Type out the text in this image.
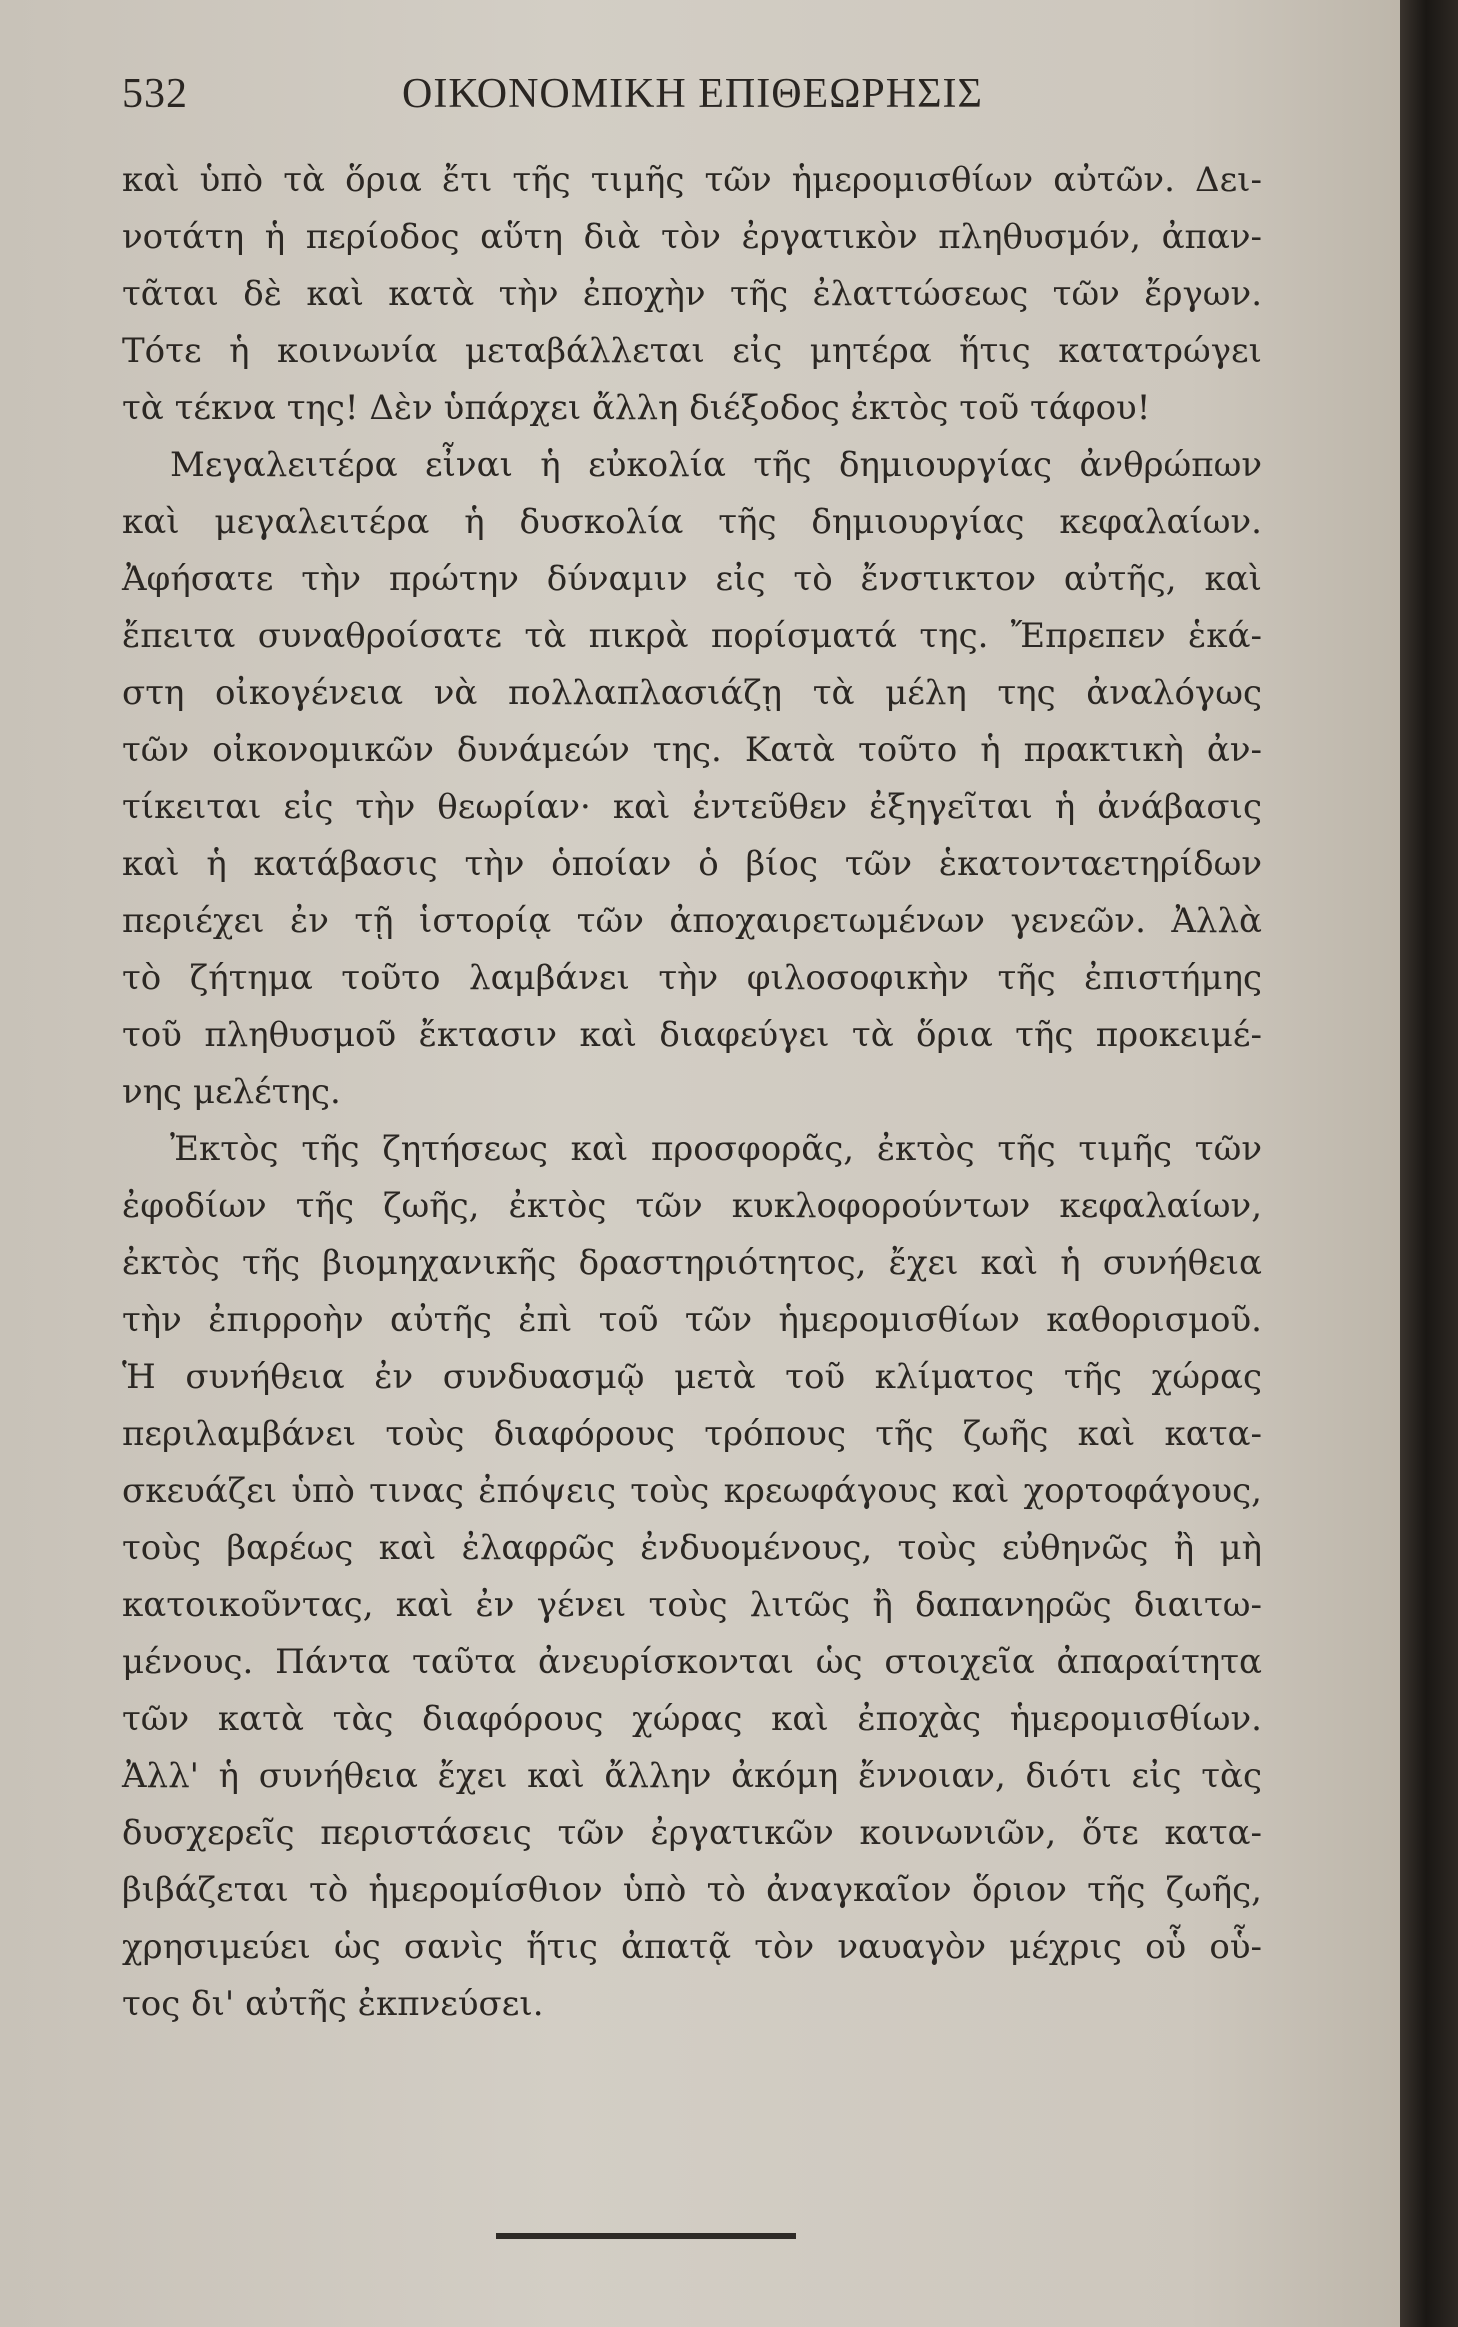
532	ΟΙΚΟΝΟΜΙΚΗ ΕΠΙΘΕΩΡΗΣΙΣ
καὶ ὑπὸ τὰ ὅρια ἔτι τῆς τιμῆς τῶν ἡμερομισθίων αὐτῶν. Δει-
νοτάτη ἡ περίοδος αὕτη διὰ τὸν ἐργατικὸν πληθυσμόν, ἀπαν-
τᾶται δὲ καὶ κατὰ τὴν ἐποχὴν τῆς ἐλαττώσεως τῶν ἔργων.
Τότε ἡ κοινωνία μεταβάλλεται εἰς μητέρα ἥτις κατατρώγει
τὰ τέκνα της! Δὲν ὑπάρχει ἄλλη διέξοδος ἐκτὸς τοῦ τάφου!
Μεγαλειτέρα εἶναι ἡ εὐκολία τῆς δημιουργίας ἀνθρώπων
καὶ μεγαλειτέρα ἡ δυσκολία τῆς δημιουργίας κεφαλαίων.
Ἀφήσατε τὴν πρώτην δύναμιν εἰς τὸ ἔνστικτον αὐτῆς, καὶ
ἔπειτα συναθροίσατε τὰ πικρὰ πορίσματά της. Ἔπρεπεν ἑκά-
στη οἰκογένεια νὰ πολλαπλασιάζῃ τὰ μέλη της ἀναλόγως
τῶν οἰκονομικῶν δυνάμεών της. Κατὰ τοῦτο ἡ πρακτικὴ ἀν-
τίκειται εἰς τὴν θεωρίαν· καὶ ἐντεῦθεν ἐξηγεῖται ἡ ἀνάβασις
καὶ ἡ κατάβασις τὴν ὁποίαν ὁ βίος τῶν ἑκατονταετηρίδων
περιέχει ἐν τῇ ἱστορίᾳ τῶν ἀποχαιρετωμένων γενεῶν. Ἀλλὰ
τὸ ζήτημα τοῦτο λαμβάνει τὴν φιλοσοφικὴν τῆς ἐπιστήμης
τοῦ πληθυσμοῦ ἔκτασιν καὶ διαφεύγει τὰ ὅρια τῆς προκειμέ-
νης μελέτης.
Ἐκτὸς τῆς ζητήσεως καὶ προσφορᾶς, ἐκτὸς τῆς τιμῆς τῶν
ἐφοδίων τῆς ζωῆς, ἐκτὸς τῶν κυκλοφορούντων κεφαλαίων,
ἐκτὸς τῆς βιομηχανικῆς δραστηριότητος, ἔχει καὶ ἡ συνήθεια
τὴν ἐπιρροὴν αὐτῆς ἐπὶ τοῦ τῶν ἡμερομισθίων καθορισμοῦ.
Ἡ συνήθεια ἐν συνδυασμῷ μετὰ τοῦ κλίματος τῆς χώρας
περιλαμβάνει τοὺς διαφόρους τρόπους τῆς ζωῆς καὶ κατα-
σκευάζει ὑπὸ τινας ἐπόψεις τοὺς κρεωφάγους καὶ χορτοφάγους,
τοὺς βαρέως καὶ ἐλαφρῶς ἐνδυομένους, τοὺς εὐθηνῶς ἢ μὴ
κατοικοῦντας, καὶ ἐν γένει τοὺς λιτῶς ἢ δαπανηρῶς διαιτω-
μένους. Πάντα ταῦτα ἀνευρίσκονται ὡς στοιχεῖα ἀπαραίτητα
τῶν κατὰ τὰς διαφόρους χώρας καὶ ἐποχὰς ἡμερομισθίων.
Ἀλλ' ἡ συνήθεια ἔχει καὶ ἄλλην ἀκόμη ἔννοιαν, διότι εἰς τὰς
δυσχερεῖς περιστάσεις τῶν ἐργατικῶν κοινωνιῶν, ὅτε κατα-
βιβάζεται τὸ ἡμερομίσθιον ὑπὸ τὸ ἀναγκαῖον ὅριον τῆς ζωῆς,
χρησιμεύει ὡς σανὶς ἥτις ἀπατᾷ τὸν ναυαγὸν μέχρις οὗ οὗ-
τος δι' αὐτῆς ἐκπνεύσει.
